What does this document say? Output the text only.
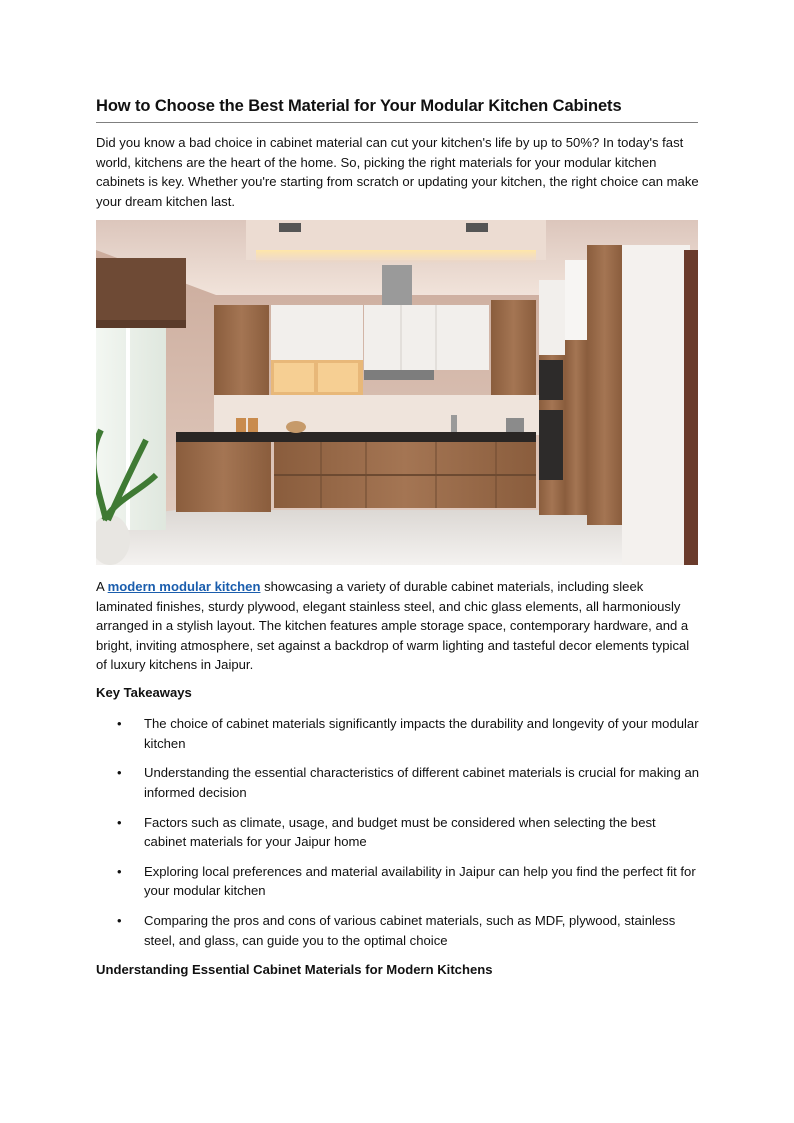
How to Choose the Best Material for Your Modular Kitchen Cabinets

Did you know a bad choice in cabinet material can cut your kitchen's life by up to 50%? In today's fast world, kitchens are the heart of the home. So, picking the right materials for your modular kitchen cabinets is key. Whether you're starting from scratch or updating your kitchen, the right choice can make your dream kitchen last.

A modern modular kitchen showcasing a variety of durable cabinet materials, including sleek laminated finishes, sturdy plywood, elegant stainless steel, and chic glass elements, all harmoniously arranged in a stylish layout. The kitchen features ample storage space, contemporary hardware, and a bright, inviting atmosphere, set against a backdrop of warm lighting and tasteful decor elements typical of luxury kitchens in Jaipur.

Key Takeaways
• The choice of cabinet materials significantly impacts the durability and longevity of your modular kitchen
• Understanding the essential characteristics of different cabinet materials is crucial for making an informed decision
• Factors such as climate, usage, and budget must be considered when selecting the best cabinet materials for your Jaipur home
• Exploring local preferences and material availability in Jaipur can help you find the perfect fit for your modular kitchen
• Comparing the pros and cons of various cabinet materials, such as MDF, plywood, stainless steel, and glass, can guide you to the optimal choice
Understanding Essential Cabinet Materials for Modern Kitchens
